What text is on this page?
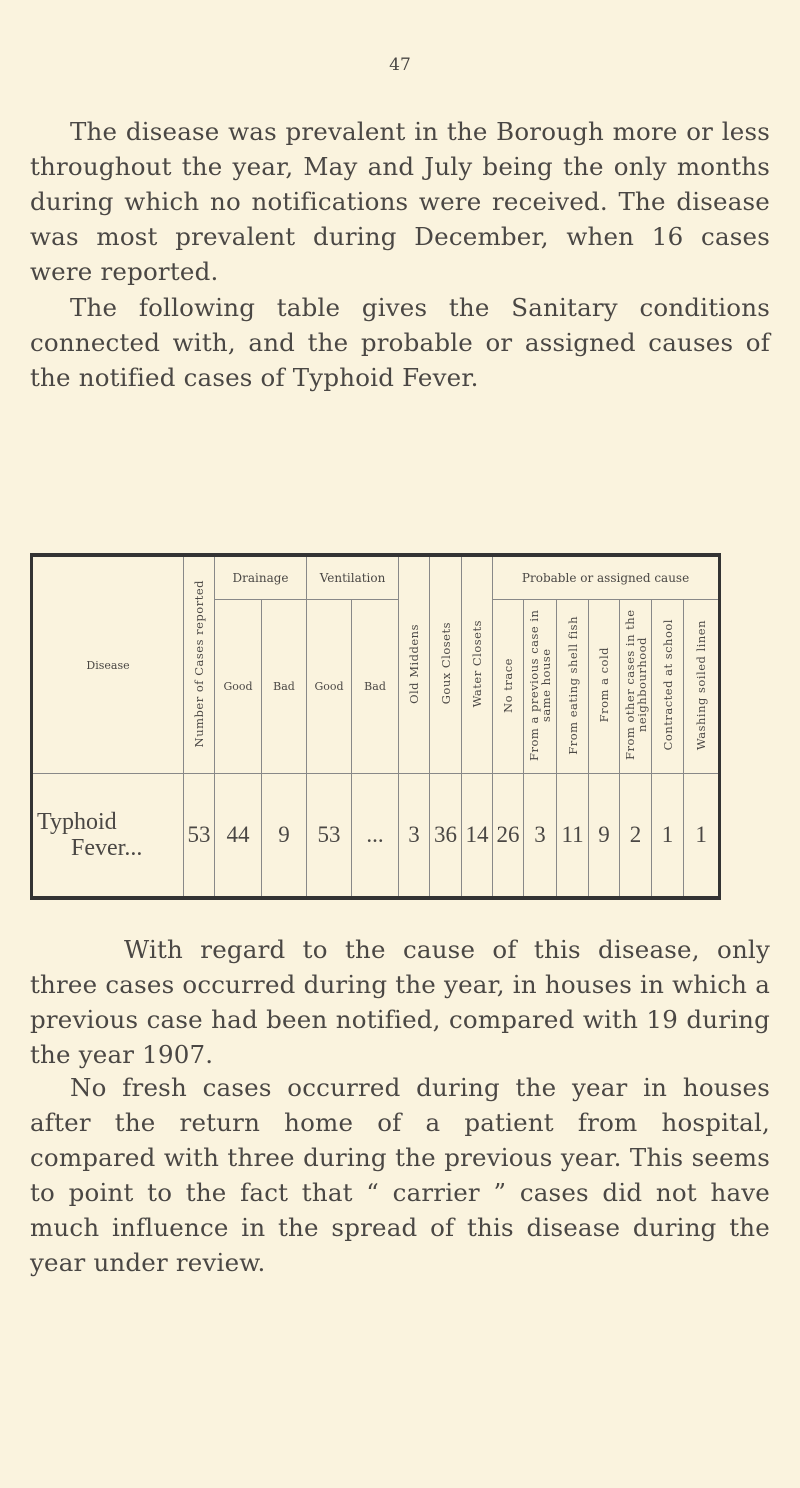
47

The disease was prevalent in the Borough more or less throughout the year, May and July being the only months during which no notifications were received. The disease was most prevalent during December, when 16 cases were reported.

The following table gives the Sanitary conditions connected with, and the probable or assigned causes of the notified cases of Typhoid Fever.

Disease	Number of Cases reported	Drainage		Ventilation		Old Middens	Goux Closets	Water Closets	Probable or assigned cause						
		Good	Bad	Good	Bad				No trace	From a previous case in same house	From eating shell fish	From a cold	From other cases in the neighbourhood	Contracted at school	Washing soiled linen

Typhoid
Fever...	53	44	9	53	...	3	36	14	26	3	11	9	2	1	1

With regard to the cause of this disease, only three cases occurred during the year, in houses in which a previous case had been notified, compared with 19 during the year 1907.

No fresh cases occurred during the year in houses after the return home of a patient from hospital, compared with three during the previous year. This seems to point to the fact that “ carrier ” cases did not have much influence in the spread of this disease during the year under review.
